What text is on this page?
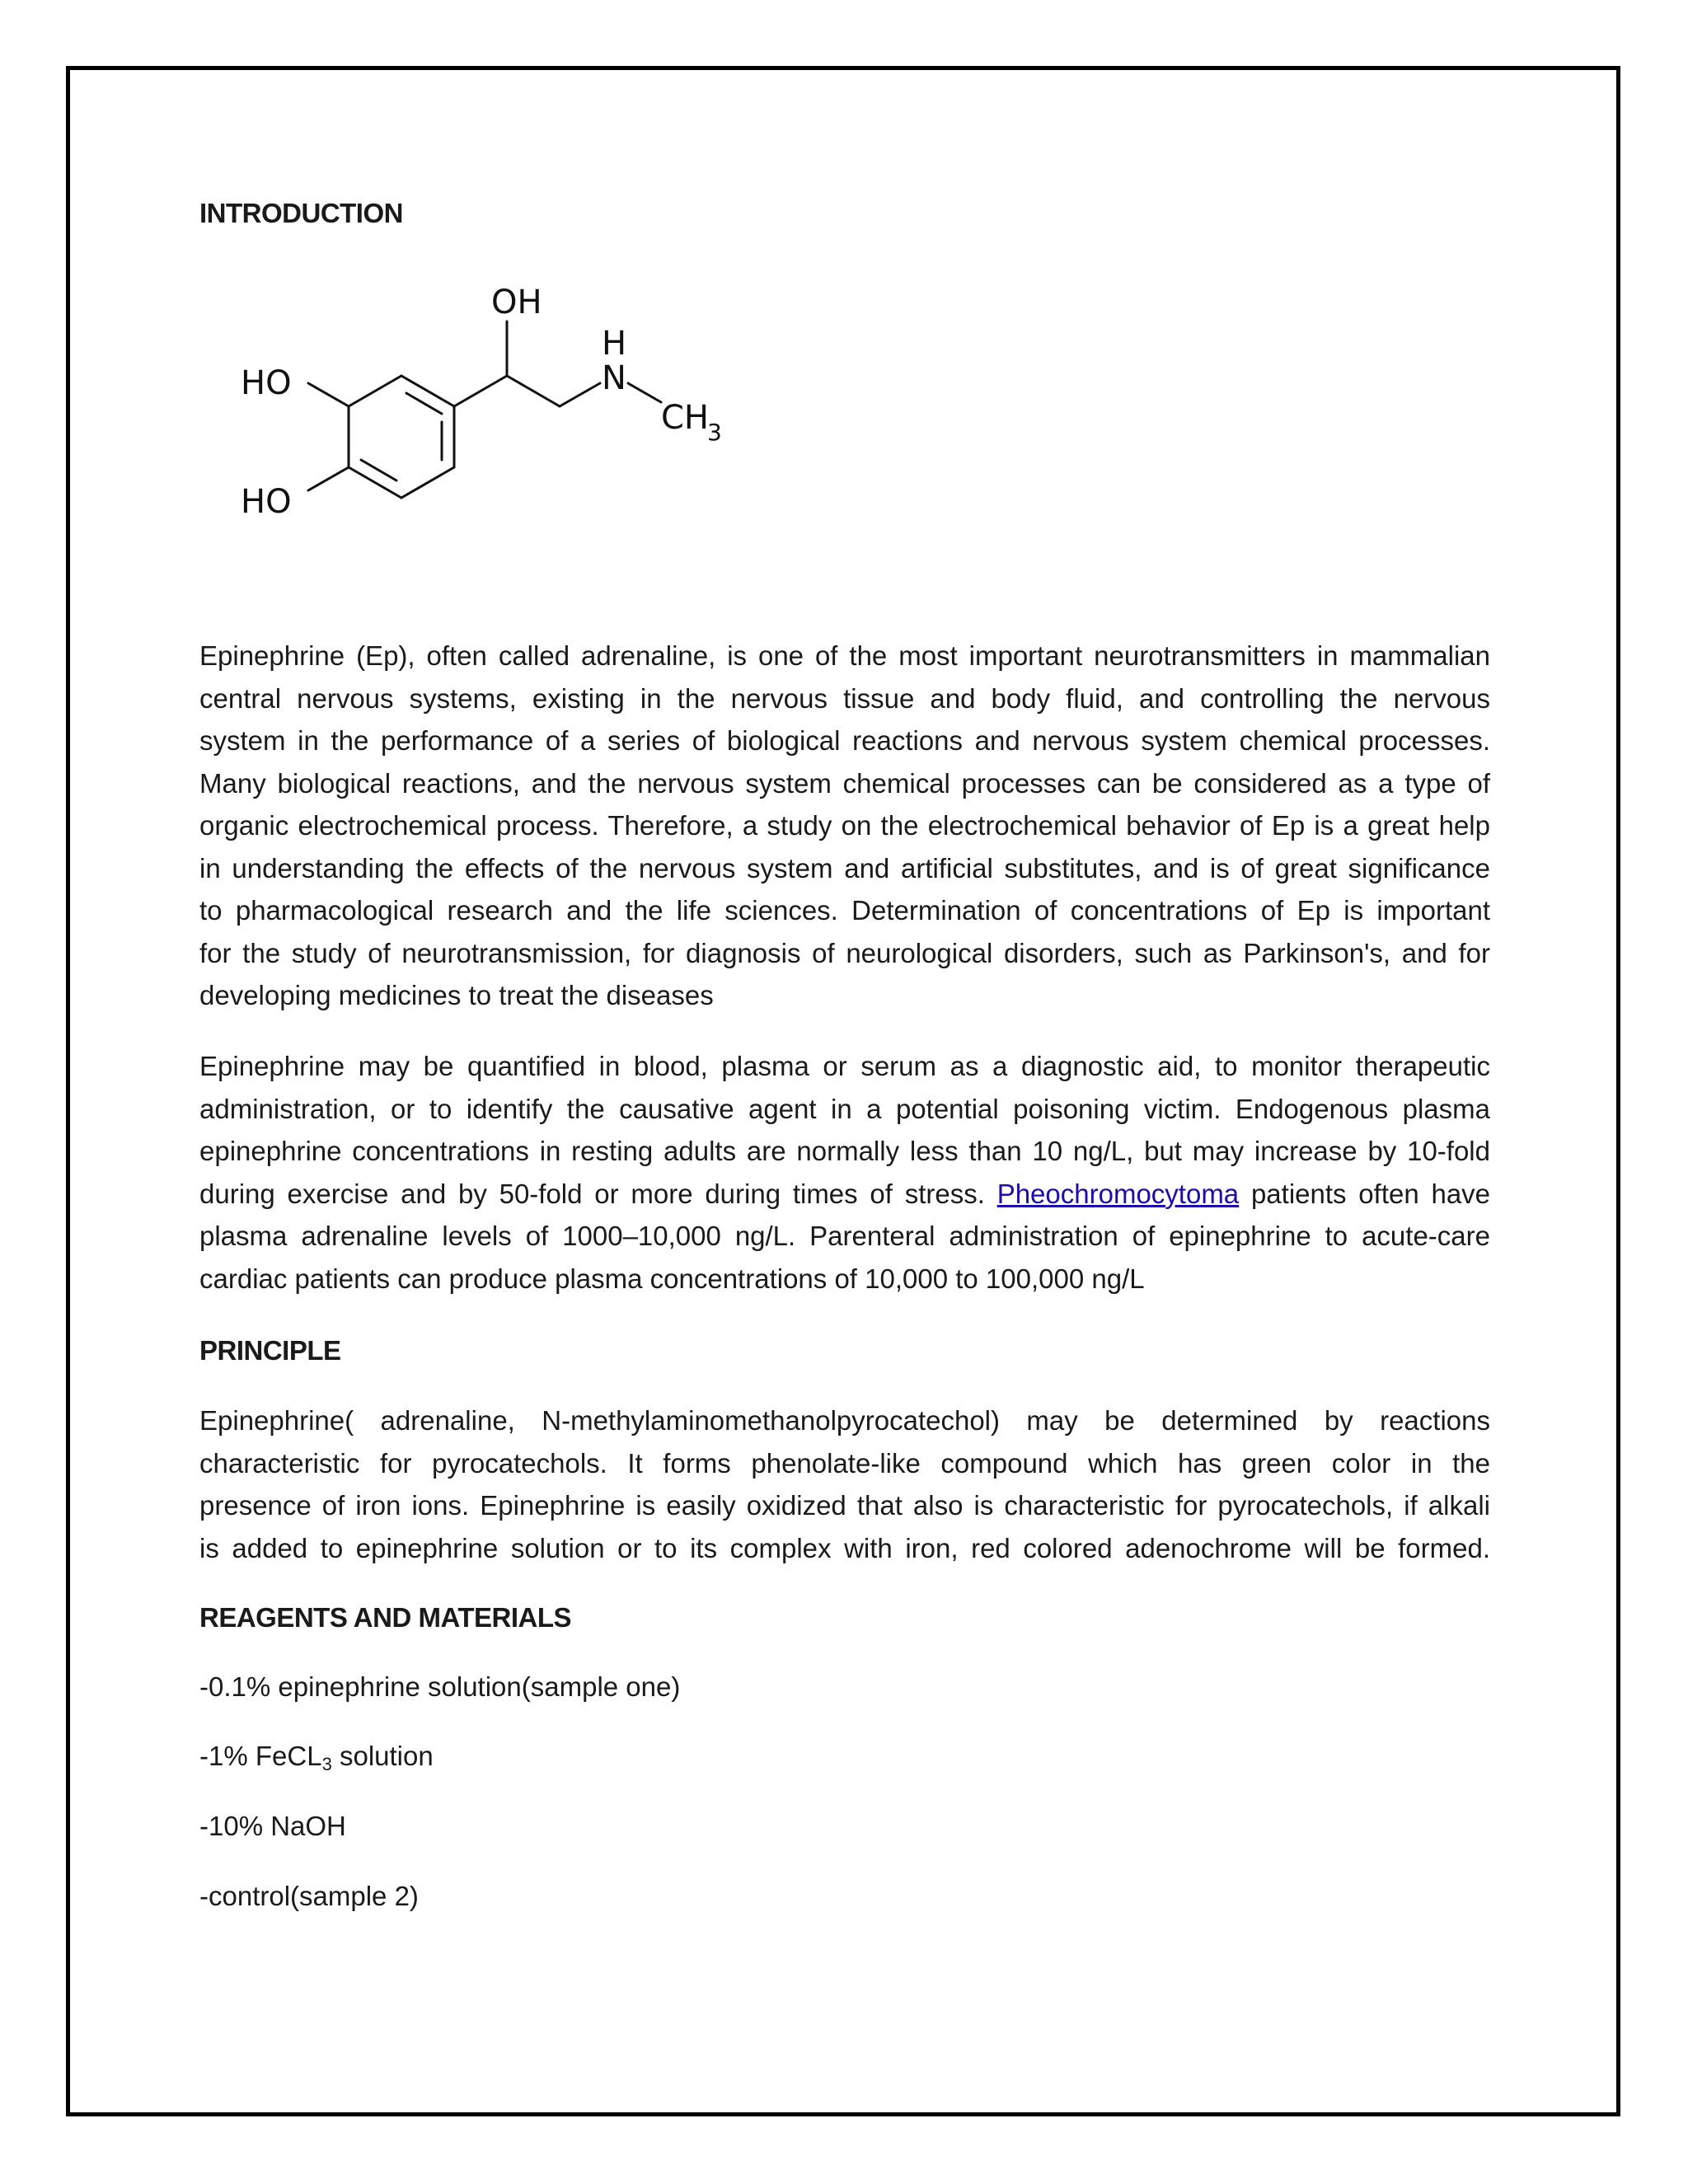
INTRODUCTION
OH
HO
HO
H
N
CH
3
Epinephrine (Ep), often called adrenaline, is one of the most important neurotransmitters in mammalian
central nervous systems, existing in the nervous tissue and body fluid, and controlling the nervous
system in the performance of a series of biological reactions and nervous system chemical processes.
Many biological reactions, and the nervous system chemical processes can be considered as a type of
organic electrochemical process. Therefore, a study on the electrochemical behavior of Ep is a great help
in understanding the effects of the nervous system and artificial substitutes, and is of great significance
to pharmacological research and the life sciences. Determination of concentrations of Ep is important
for the study of neurotransmission, for diagnosis of neurological disorders, such as Parkinson's, and for
developing medicines to treat the diseases
Epinephrine may be quantified in blood, plasma or serum as a diagnostic aid, to monitor therapeutic
administration, or to identify the causative agent in a potential poisoning victim. Endogenous plasma
epinephrine concentrations in resting adults are normally less than 10 ng/L, but may increase by 10-fold
during exercise and by 50-fold or more during times of stress. Pheochromocytoma patients often have
plasma adrenaline levels of 1000–10,000 ng/L. Parenteral administration of epinephrine to acute-care
cardiac patients can produce plasma concentrations of 10,000 to 100,000 ng/L
PRINCIPLE
Epinephrine( adrenaline, N-methylaminomethanolpyrocatechol) may be determined by reactions
characteristic for pyrocatechols. It forms phenolate-like compound which has green color in the
presence of iron ions. Epinephrine is easily oxidized that also is characteristic for pyrocatechols, if alkali
is added to epinephrine solution or to its complex with iron, red colored adenochrome will be formed.
REAGENTS AND MATERIALS
-0.1% epinephrine solution(sample one)
-1% FeCL$_3$ solution
-10% NaOH
-control(sample 2)
